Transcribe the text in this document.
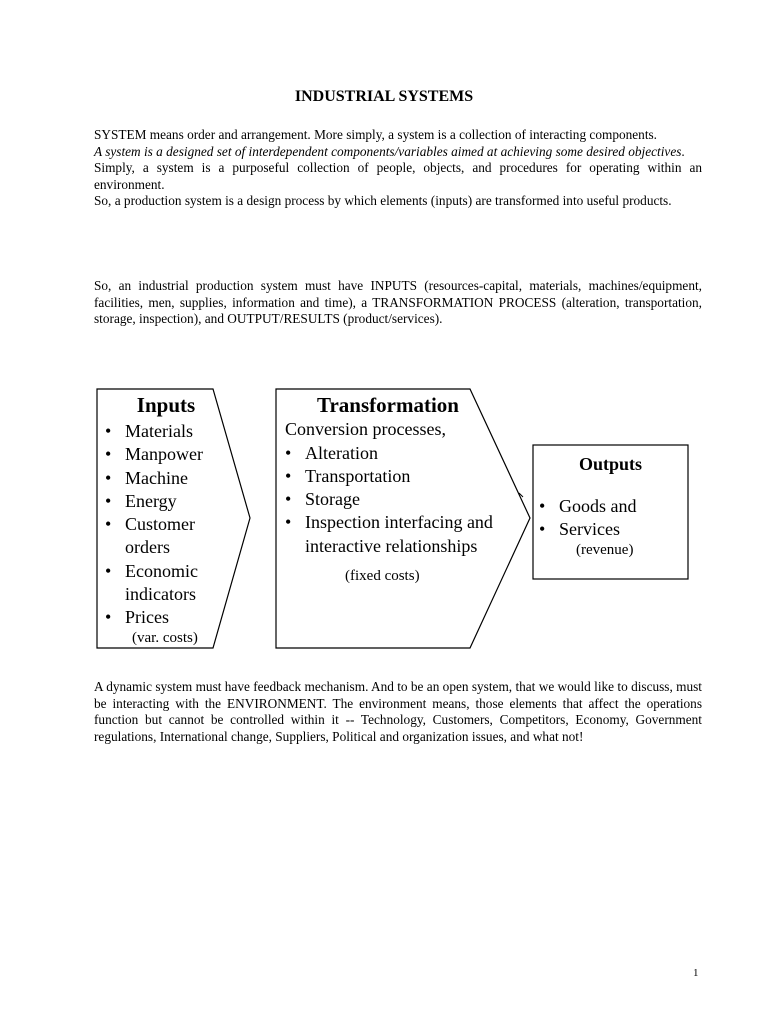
INDUSTRIAL SYSTEMS
SYSTEM means order and arrangement. More simply, a system is a collection of interacting components.
A system is a designed set of interdependent components/variables aimed at achieving some desired objectives.
Simply, a system is a purposeful collection of people, objects, and procedures for operating within an environment.
So, a production system is a design process by which elements (inputs) are transformed into useful products.

So, an industrial production system must have INPUTS (resources-capital, materials, machines/equipment, facilities, men, supplies, information and time), a TRANSFORMATION PROCESS (alteration, transportation, storage, inspection), and OUTPUT/RESULTS (product/services).

Inputs
• Materials
• Manpower
• Machine
• Energy
• Customer orders
• Economic indicators
• Prices
(var. costs)
Transformation
Conversion processes,
• Alteration
• Transportation
• Storage
• Inspection interfacing and interactive relationships
(fixed costs)
Outputs
• Goods and
• Services
(revenue)

A dynamic system must have feedback mechanism. And to be an open system, that we would like to discuss, must be interacting with the ENVIRONMENT. The environment means, those elements that affect the operations function but cannot be controlled within it -- Technology, Customers, Competitors, Economy, Government regulations, International change, Suppliers, Political and organization issues, and what not!

1
